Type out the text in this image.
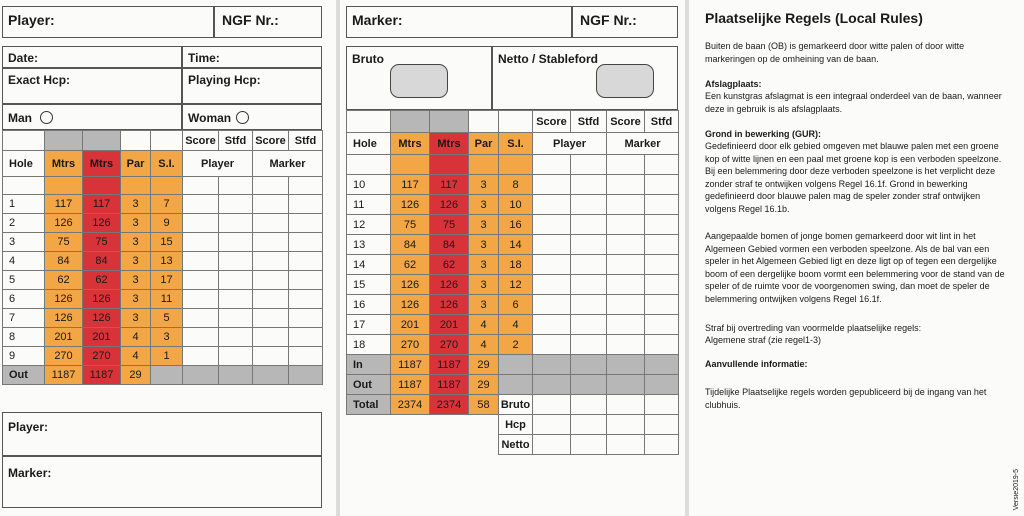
Player:	NGF Nr.:
Date:	Time:
Exact Hcp:	Playing Hcp:
Man	Woman
					Score	Stfd	Score	Stfd
Hole	Mtrs	Mtrs	Par	S.I.	Player		Marker	

1	117	117	3	7				
2	126	126	3	9				
3	75	75	3	15				
4	84	84	3	13				
5	62	62	3	17				
6	126	126	3	11				
7	126	126	3	5				
8	201	201	4	3				
9	270	270	4	1				
Out	1187	1187	29					
Player:
Marker:
Marker:	NGF Nr.:
Bruto	Netto / Stableford
					Score	Stfd	Score	Stfd
Hole	Mtrs	Mtrs	Par	S.I.	Player		Marker	

10	117	117	3	8				
11	126	126	3	10				
12	75	75	3	16				
13	84	84	3	14				
14	62	62	3	18				
15	126	126	3	12				
16	126	126	3	6				
17	201	201	4	4				
18	270	270	4	2				
In	1187	1187	29					
Out	1187	1187	29					
Total	2374	2374	58	Bruto				
				Hcp				
				Netto				
Plaatselijke Regels (Local Rules)
Buiten de baan (OB) is gemarkeerd door witte palen of door witte markeringen op de omheining van de baan.
Afslagplaats:
Een kunstgras afslagmat is een integraal onderdeel van de baan, wanneer deze in gebruik is als afslagplaats.
Grond in bewerking (GUR):
Gedefinieerd door elk gebied omgeven met blauwe palen met een groene kop of witte lijnen en een paal met groene kop is een verboden speelzone. Bij een belemmering door deze verboden speelzone is het verplicht deze zonder straf te ontwijken volgens Regel 16.1f. Grond in bewerking gedefinieerd door blauwe palen mag de speler zonder straf ontwijken volgens Regel 16.1b.
Aangepaalde bomen of jonge bomen gemarkeerd door wit lint in het Algemeen Gebied vormen een verboden speelzone. Als de bal van een speler in het Algemeen Gebied ligt en deze ligt op of tegen een dergelijke boom of een dergelijke boom vormt een belemmering voor de stand van de speler of de ruimte voor de voorgenomen swing, dan moet de speler de belemmering ontwijken volgens Regel 16.1f.
Straf bij overtreding van voormelde plaatselijke regels:
Algemene straf (zie regel1-3)
Aanvullende informatie:
Tijdelijke Plaatselijke regels worden gepubliceerd bij de ingang van het clubhuis.
Versie2019-5
